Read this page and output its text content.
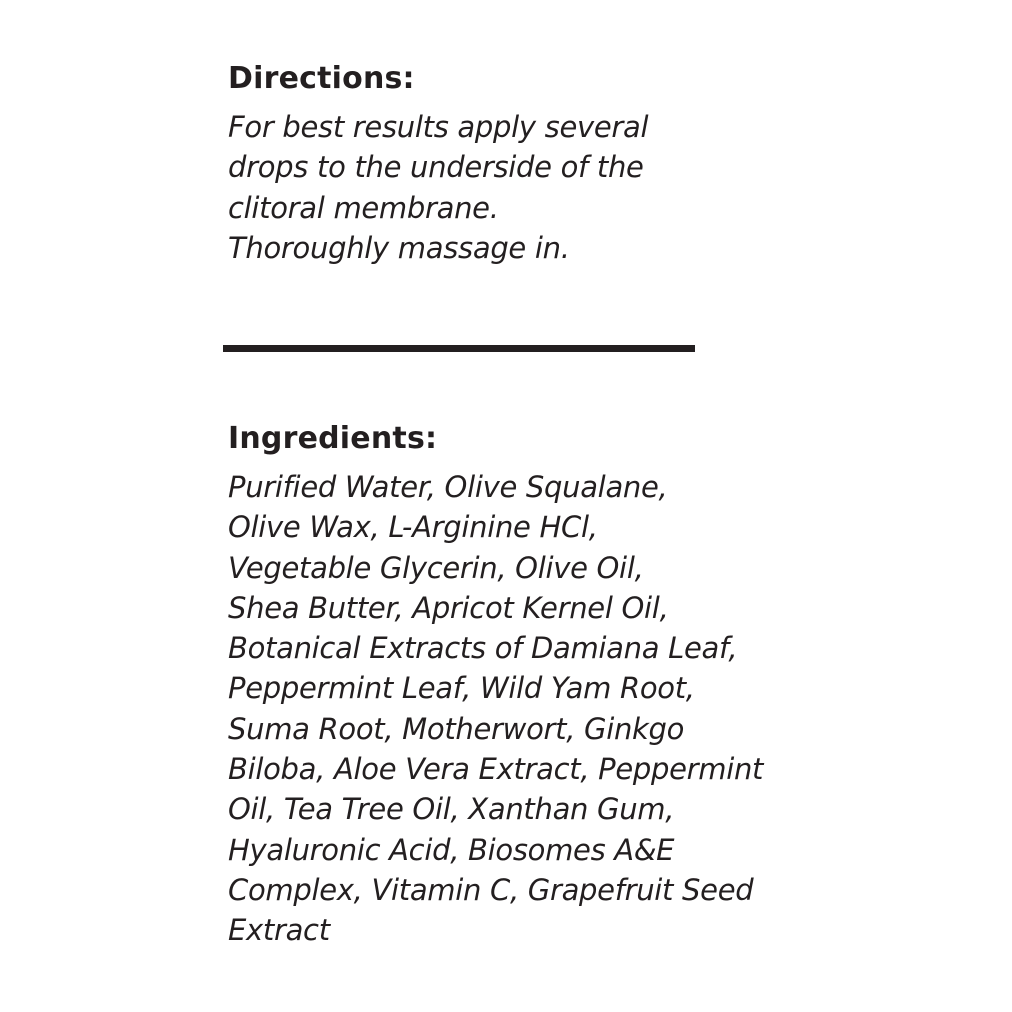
Directions:
For best results apply several
drops to the underside of the
clitoral membrane.
Thoroughly massage in.
Ingredients:
Purified Water, Olive Squalane,
Olive Wax, L-Arginine HCl,
Vegetable Glycerin, Olive Oil,
Shea Butter, Apricot Kernel Oil,
Botanical Extracts of Damiana Leaf,
Peppermint Leaf, Wild Yam Root,
Suma Root, Motherwort, Ginkgo
Biloba, Aloe Vera Extract, Peppermint
Oil, Tea Tree Oil, Xanthan Gum,
Hyaluronic Acid, Biosomes A&E
Complex, Vitamin C, Grapefruit Seed
Extract
